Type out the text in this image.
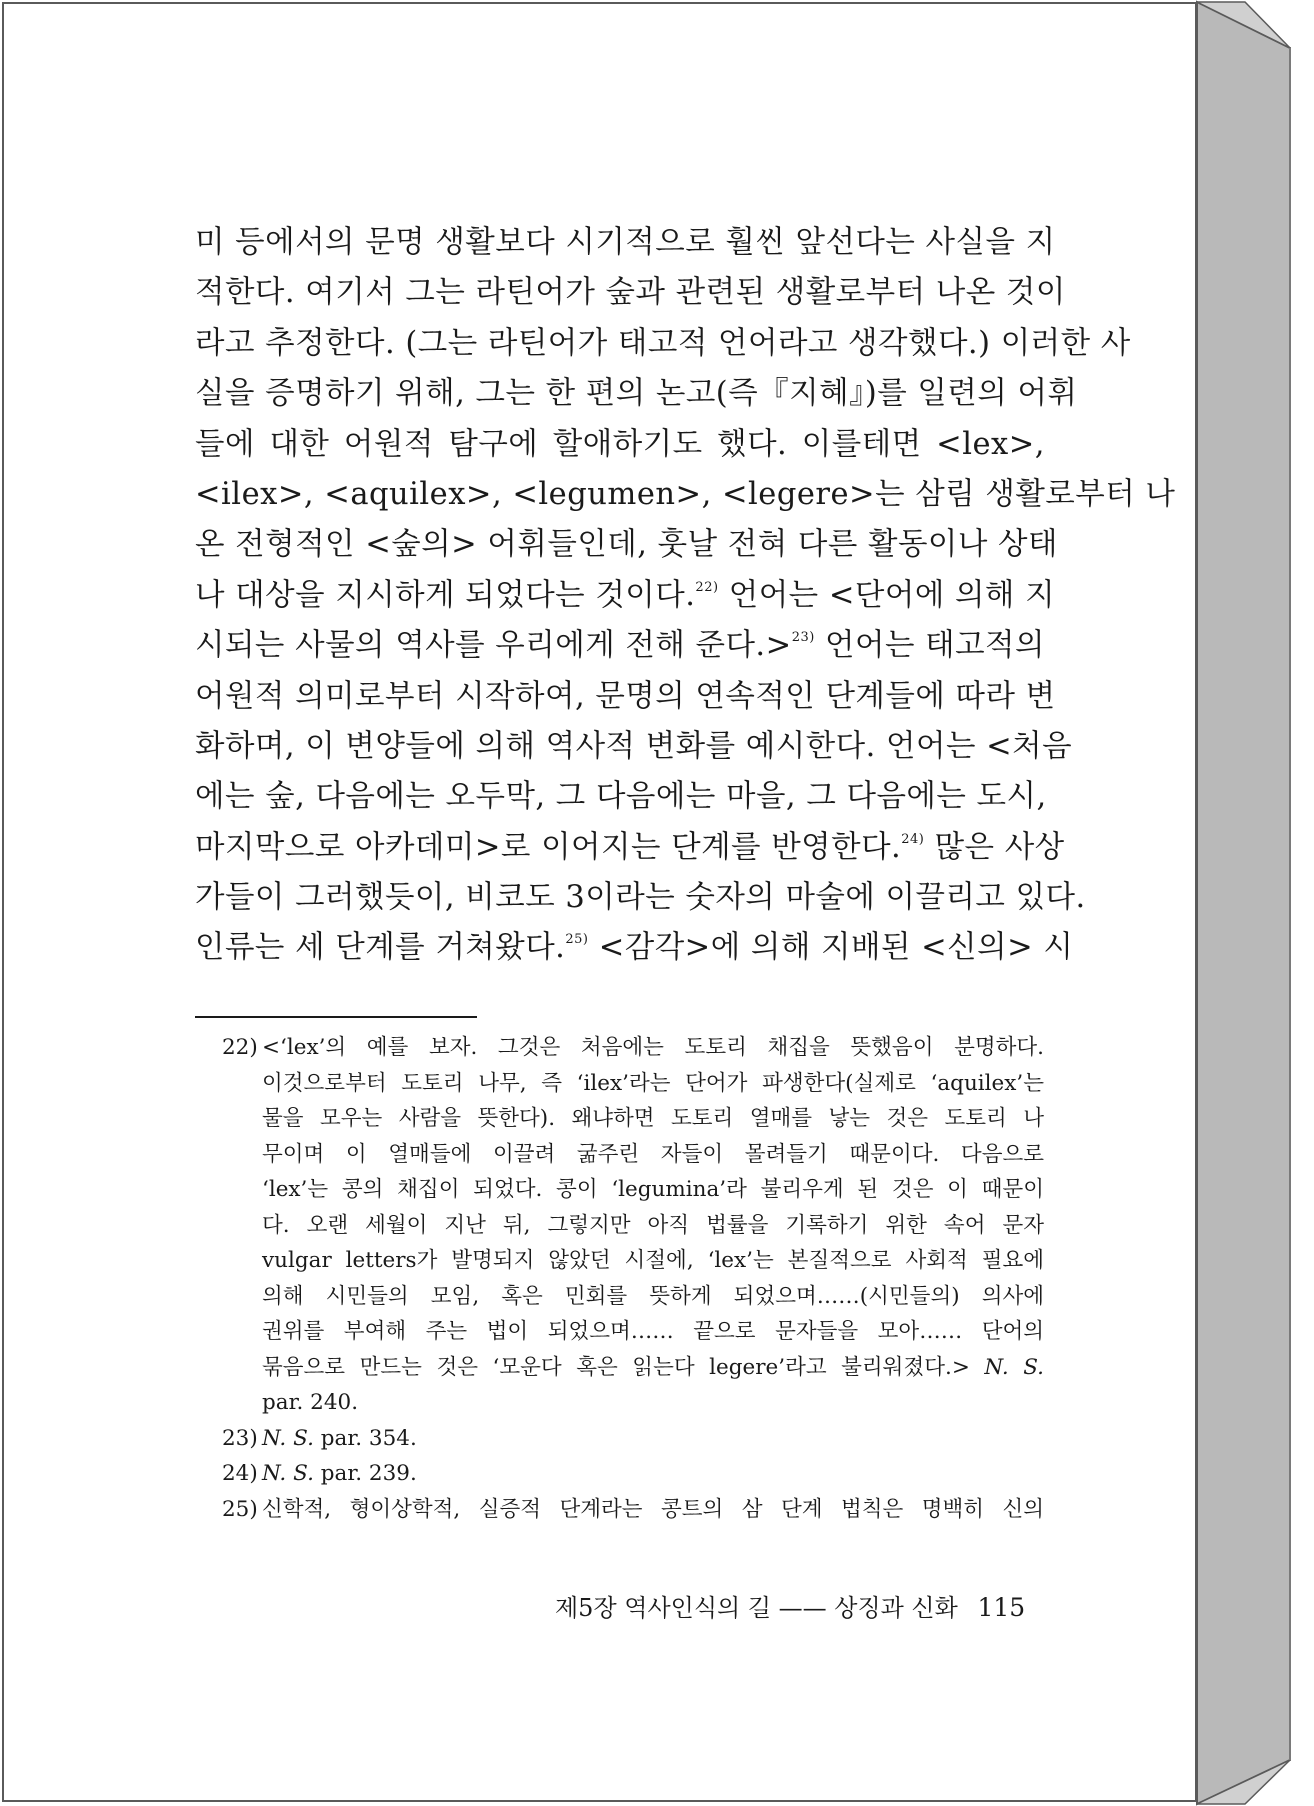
미 등에서의 문명 생활보다 시기적으로 훨씬 앞선다는 사실을 지
적한다. 여기서 그는 라틴어가 숲과 관련된 생활로부터 나온 것이
라고 추정한다. (그는 라틴어가 태고적 언어라고 생각했다.) 이러한 사
실을 증명하기 위해, 그는 한 편의 논고(즉『지혜』)를 일련의 어휘
들에 대한 어원적 탐구에 할애하기도 했다. 이를테면 <lex>,
<ilex>, <aquilex>, <legumen>, <legere>는 삼림 생활로부터 나
온 전형적인 <숲의> 어휘들인데, 훗날 전혀 다른 활동이나 상태
나 대상을 지시하게 되었다는 것이다.$^{22)}$ 언어는 <단어에 의해 지
시되는 사물의 역사를 우리에게 전해 준다.>$^{23)}$ 언어는 태고적의
어원적 의미로부터 시작하여, 문명의 연속적인 단계들에 따라 변
화하며, 이 변양들에 의해 역사적 변화를 예시한다. 언어는 <처음
에는 숲, 다음에는 오두막, 그 다음에는 마을, 그 다음에는 도시,
마지막으로 아카데미>로 이어지는 단계를 반영한다.$^{24)}$ 많은 사상
가들이 그러했듯이, 비코도 3이라는 숫자의 마술에 이끌리고 있다.
인류는 세 단계를 거쳐왔다.$^{25)}$ <감각>에 의해 지배된 <신의> 시
22) <‘lex’의 예를 보자. 그것은 처음에는 도토리 채집을 뜻했음이 분명하다.
이것으로부터 도토리 나무, 즉 ‘ilex’라는 단어가 파생한다(실제로 ‘aquilex’는
물을 모우는 사람을 뜻한다). 왜냐하면 도토리 열매를 낳는 것은 도토리 나
무이며 이 열매들에 이끌려 굶주린 자들이 몰려들기 때문이다. 다음으로
‘lex’는 콩의 채집이 되었다. 콩이 ‘legumina’라 불리우게 된 것은 이 때문이
다. 오랜 세월이 지난 뒤, 그렇지만 아직 법률을 기록하기 위한 속어 문자
vulgar letters가 발명되지 않았던 시절에, ‘lex’는 본질적으로 사회적 필요에
의해 시민들의 모임, 혹은 민회를 뜻하게 되었으며……(시민들의) 의사에
권위를 부여해 주는 법이 되었으며…… 끝으로 문자들을 모아…… 단어의
묶음으로 만드는 것은 ‘모운다 혹은 읽는다 legere’라고 불리워졌다.> N. S.
par. 240.
23) N. S. par. 354.
24) N. S. par. 239.
25) 신학적, 형이상학적, 실증적 단계라는 콩트의 삼 단계 법칙은 명백히 신의
제5장 역사인식의 길 —— 상징과 신화 115
